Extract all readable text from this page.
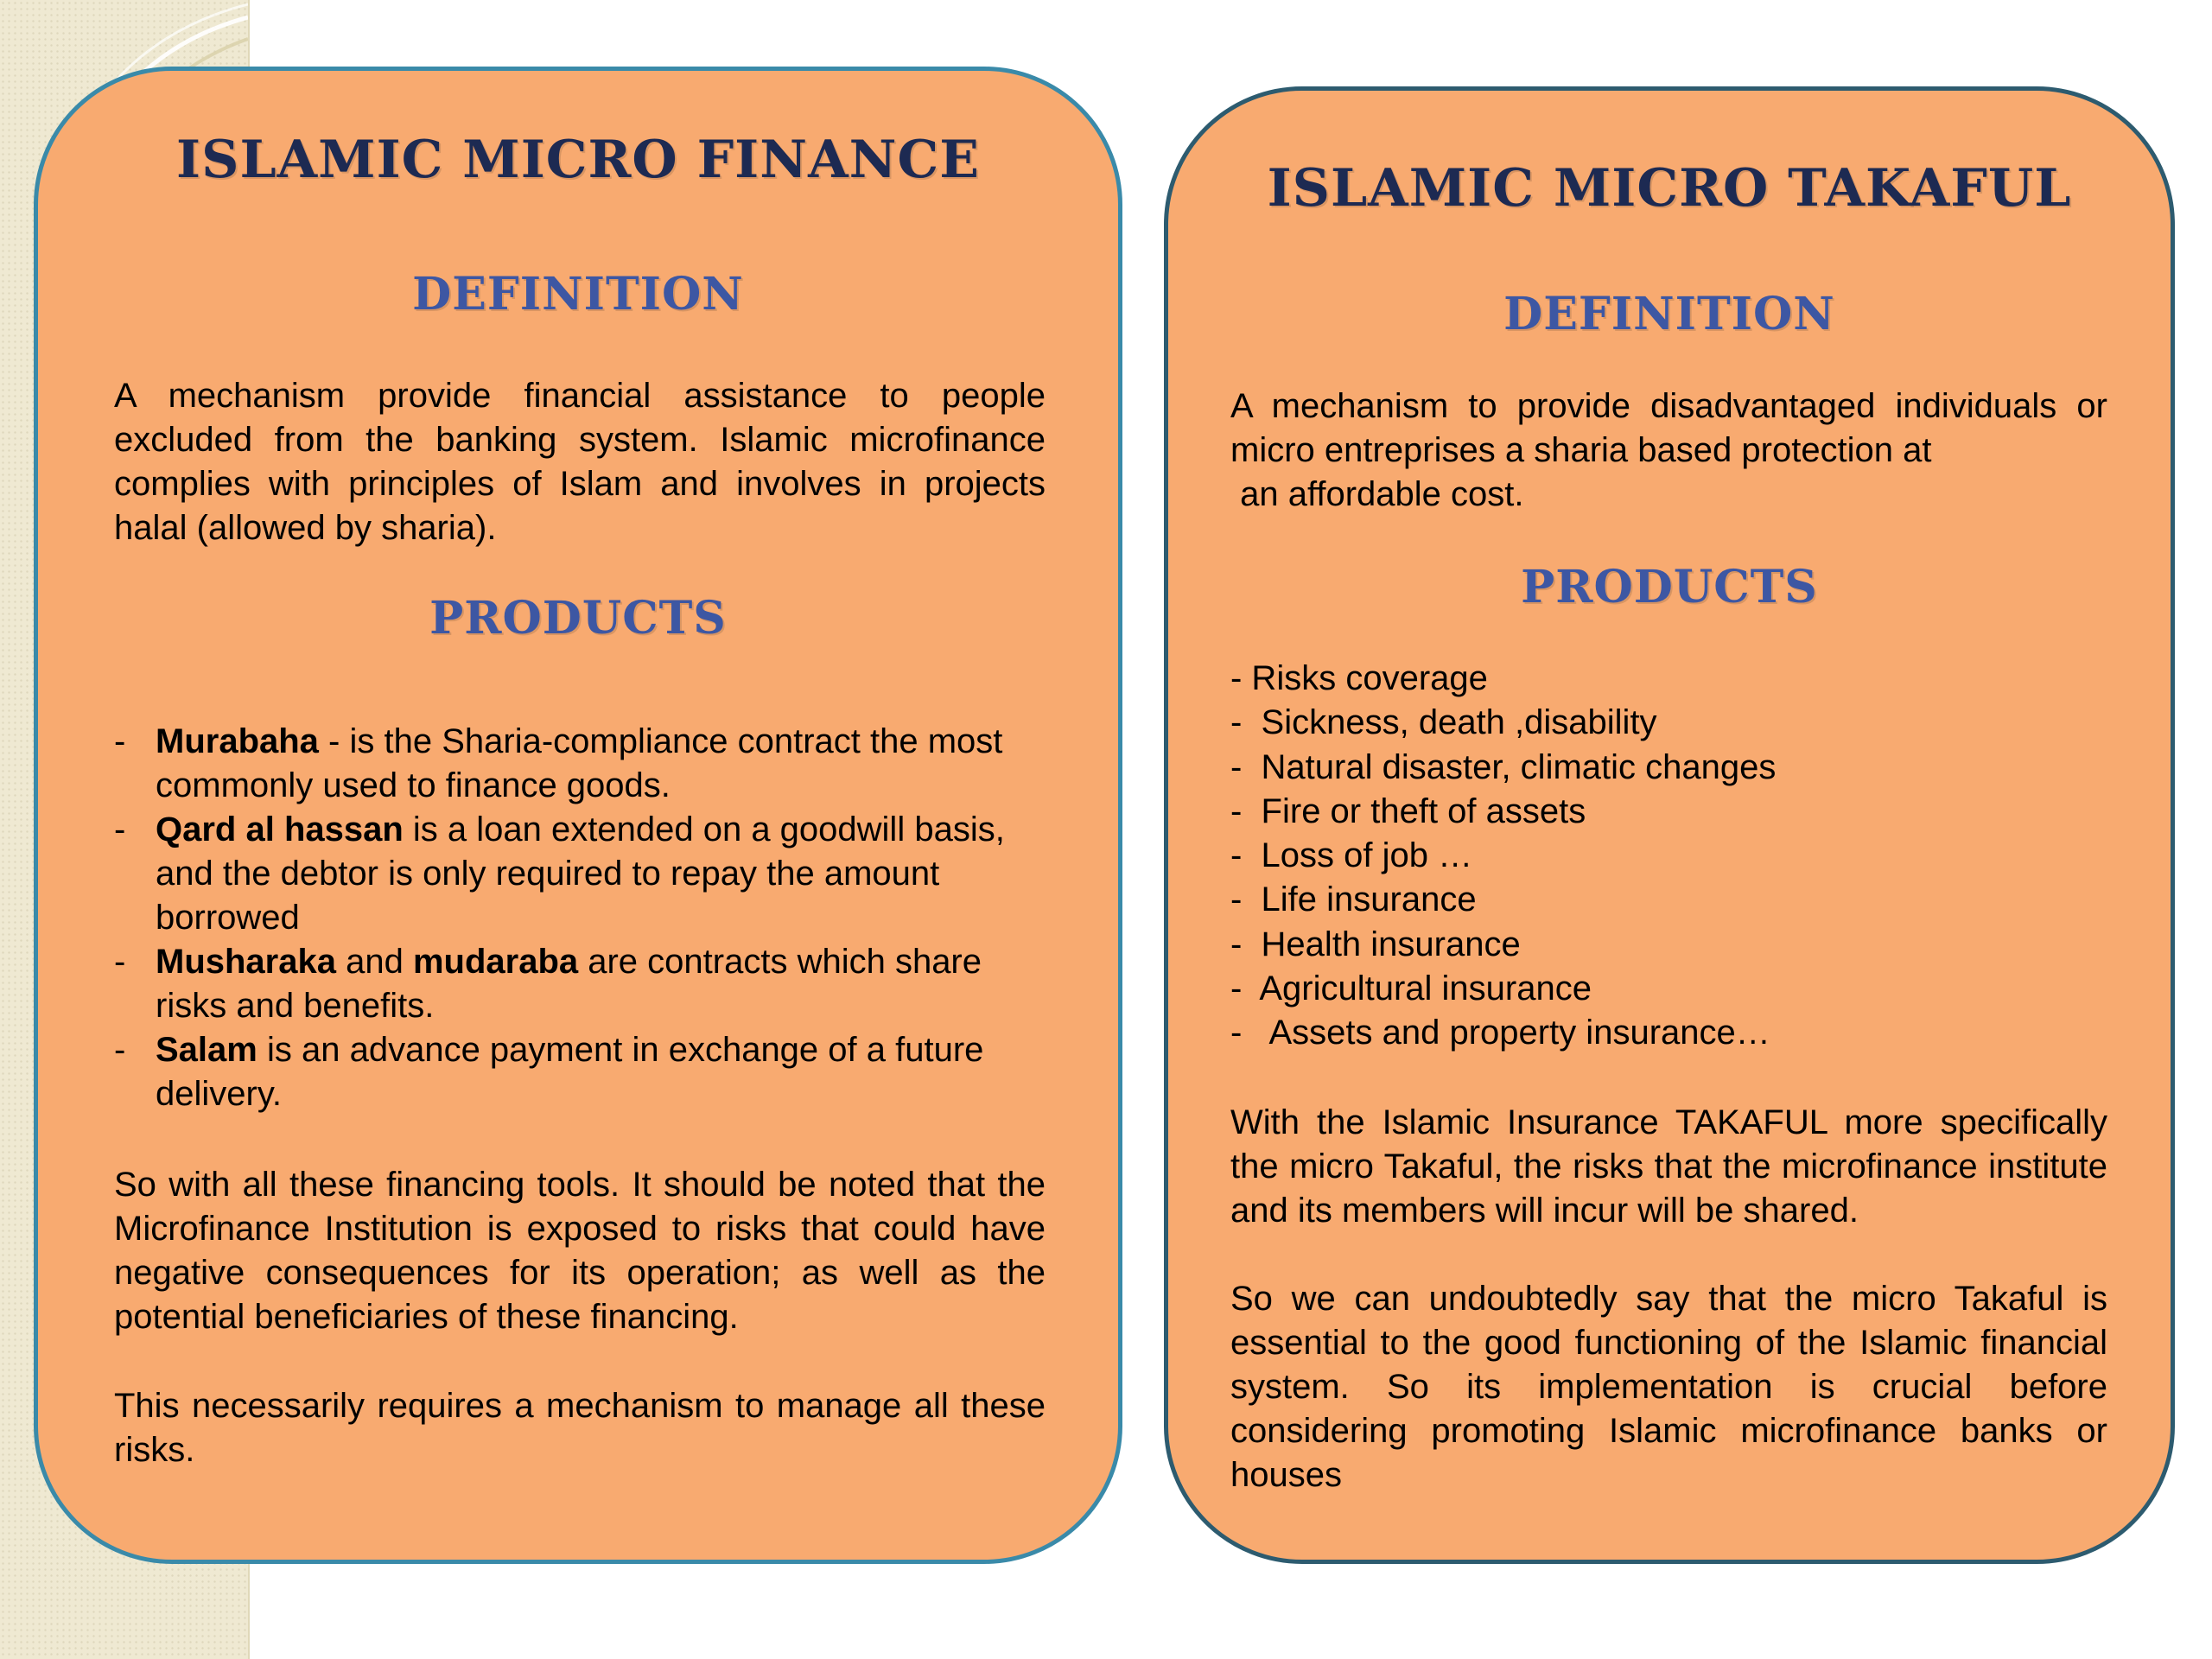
ISLAMIC MICRO FINANCE
DEFINITION

A mechanism provide financial assistance to people excluded from the banking system. Islamic microfinance complies with principles of Islam and involves in projects halal (allowed by sharia).

PRODUCTS
- Murabaha - is the Sharia-compliance contract the most commonly used to finance goods.
- Qard al hassan is a loan extended on a goodwill basis, and the debtor is only required to repay the amount borrowed
- Musharaka and mudaraba are contracts which share risks and benefits.
- Salam is an advance payment in exchange of a future delivery.

So with all these financing tools. It should be noted that the Microfinance Institution is exposed to risks that could have negative consequences for its operation; as well as the potential beneficiaries of these financing.

This necessarily requires a mechanism to manage all these risks.

ISLAMIC MICRO TAKAFUL
DEFINITION
A mechanism to provide disadvantaged individuals or
micro entreprises a sharia based protection at
an affordable cost.
PRODUCTS
- Risks coverage
-  Sickness, death ,disability
-  Natural disaster, climatic changes
-  Fire or theft of assets
-  Loss of job …
-  Life insurance
-  Health insurance
-  Agricultural insurance
-   Assets and property insurance…

With the Islamic Insurance TAKAFUL more specifically the micro Takaful, the risks that the microfinance institute and its members will incur will be shared.

So we can undoubtedly say that the micro Takaful is essential to the good functioning of the Islamic financial system. So its implementation is crucial before considering promoting Islamic microfinance banks or houses
